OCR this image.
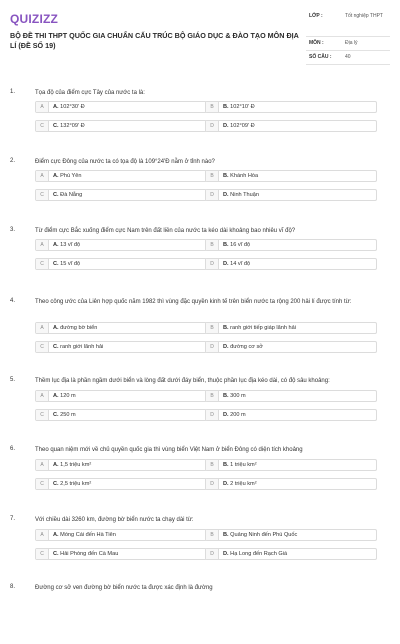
QUIZIZZ
BỘ ĐỀ THI THPT QUỐC GIA CHUẨN CẤU TRÚC BỘ GIÁO DỤC & ĐÀO TẠO MÔN ĐỊA LÍ (ĐỀ SỐ 19)
LỚP :	Tốt nghiệp THPT
MÔN :	Địa lý
SỐ CÂU :	40
1.	Tọa độ của điểm cực Tây của nước ta là:
A	A. 102°30' Đ	B	B. 102°10' Đ
C	C. 132°09' Đ	D	D. 102°09' Đ
2.	Điểm cực Đông của nước ta có tọa độ là 109°24'Đ nằm ở tỉnh nào?
A	A. Phú Yên	B	B. Khánh Hòa
C	C. Đà Nẵng	D	D. Ninh Thuận
3.	Từ điểm cực Bắc xuống điểm cực Nam trên đất liền của nước ta kéo dài khoảng bao nhiêu vĩ độ?
A	A. 13 vĩ độ	B	B. 16 vĩ độ
C	C. 15 vĩ độ	D	D. 14 vĩ độ
4.	Theo công ước của Liên hợp quốc năm 1982 thì vùng đặc quyền kinh tế trên biển nước ta rộng 200 hải lí được tính từ:
A	A. đường bờ biển	B	B. ranh giới tiếp giáp lãnh hải
C	C. ranh giới lãnh hải	D	D. đường cơ sở
5.	Thềm lục địa là phần ngầm dưới biển và lòng đất dưới đáy biển, thuộc phần lục địa kéo dài, có độ sâu khoảng:
A	A. 120 m	B	B. 300 m
C	C. 250 m	D	D. 200 m
6.	Theo quan niệm mới về chủ quyền quốc gia thì vùng biển Việt Nam ở biển Đông có diện tích khoảng
A	A. 1,5 triệu km²	B	B. 1 triệu km²
C	C. 2,5 triệu km²	D	D. 2 triệu km²
7.	Với chiều dài 3260 km, đường bờ biển nước ta chạy dài từ:
A	A. Móng Cái đến Hà Tiên	B	B. Quảng Ninh đến Phú Quốc
C	C. Hải Phòng đến Cà Mau	D	D. Hạ Long đến Rạch Giá
8.	Đường cơ sở ven đường bờ biển nước ta được xác định là đường
